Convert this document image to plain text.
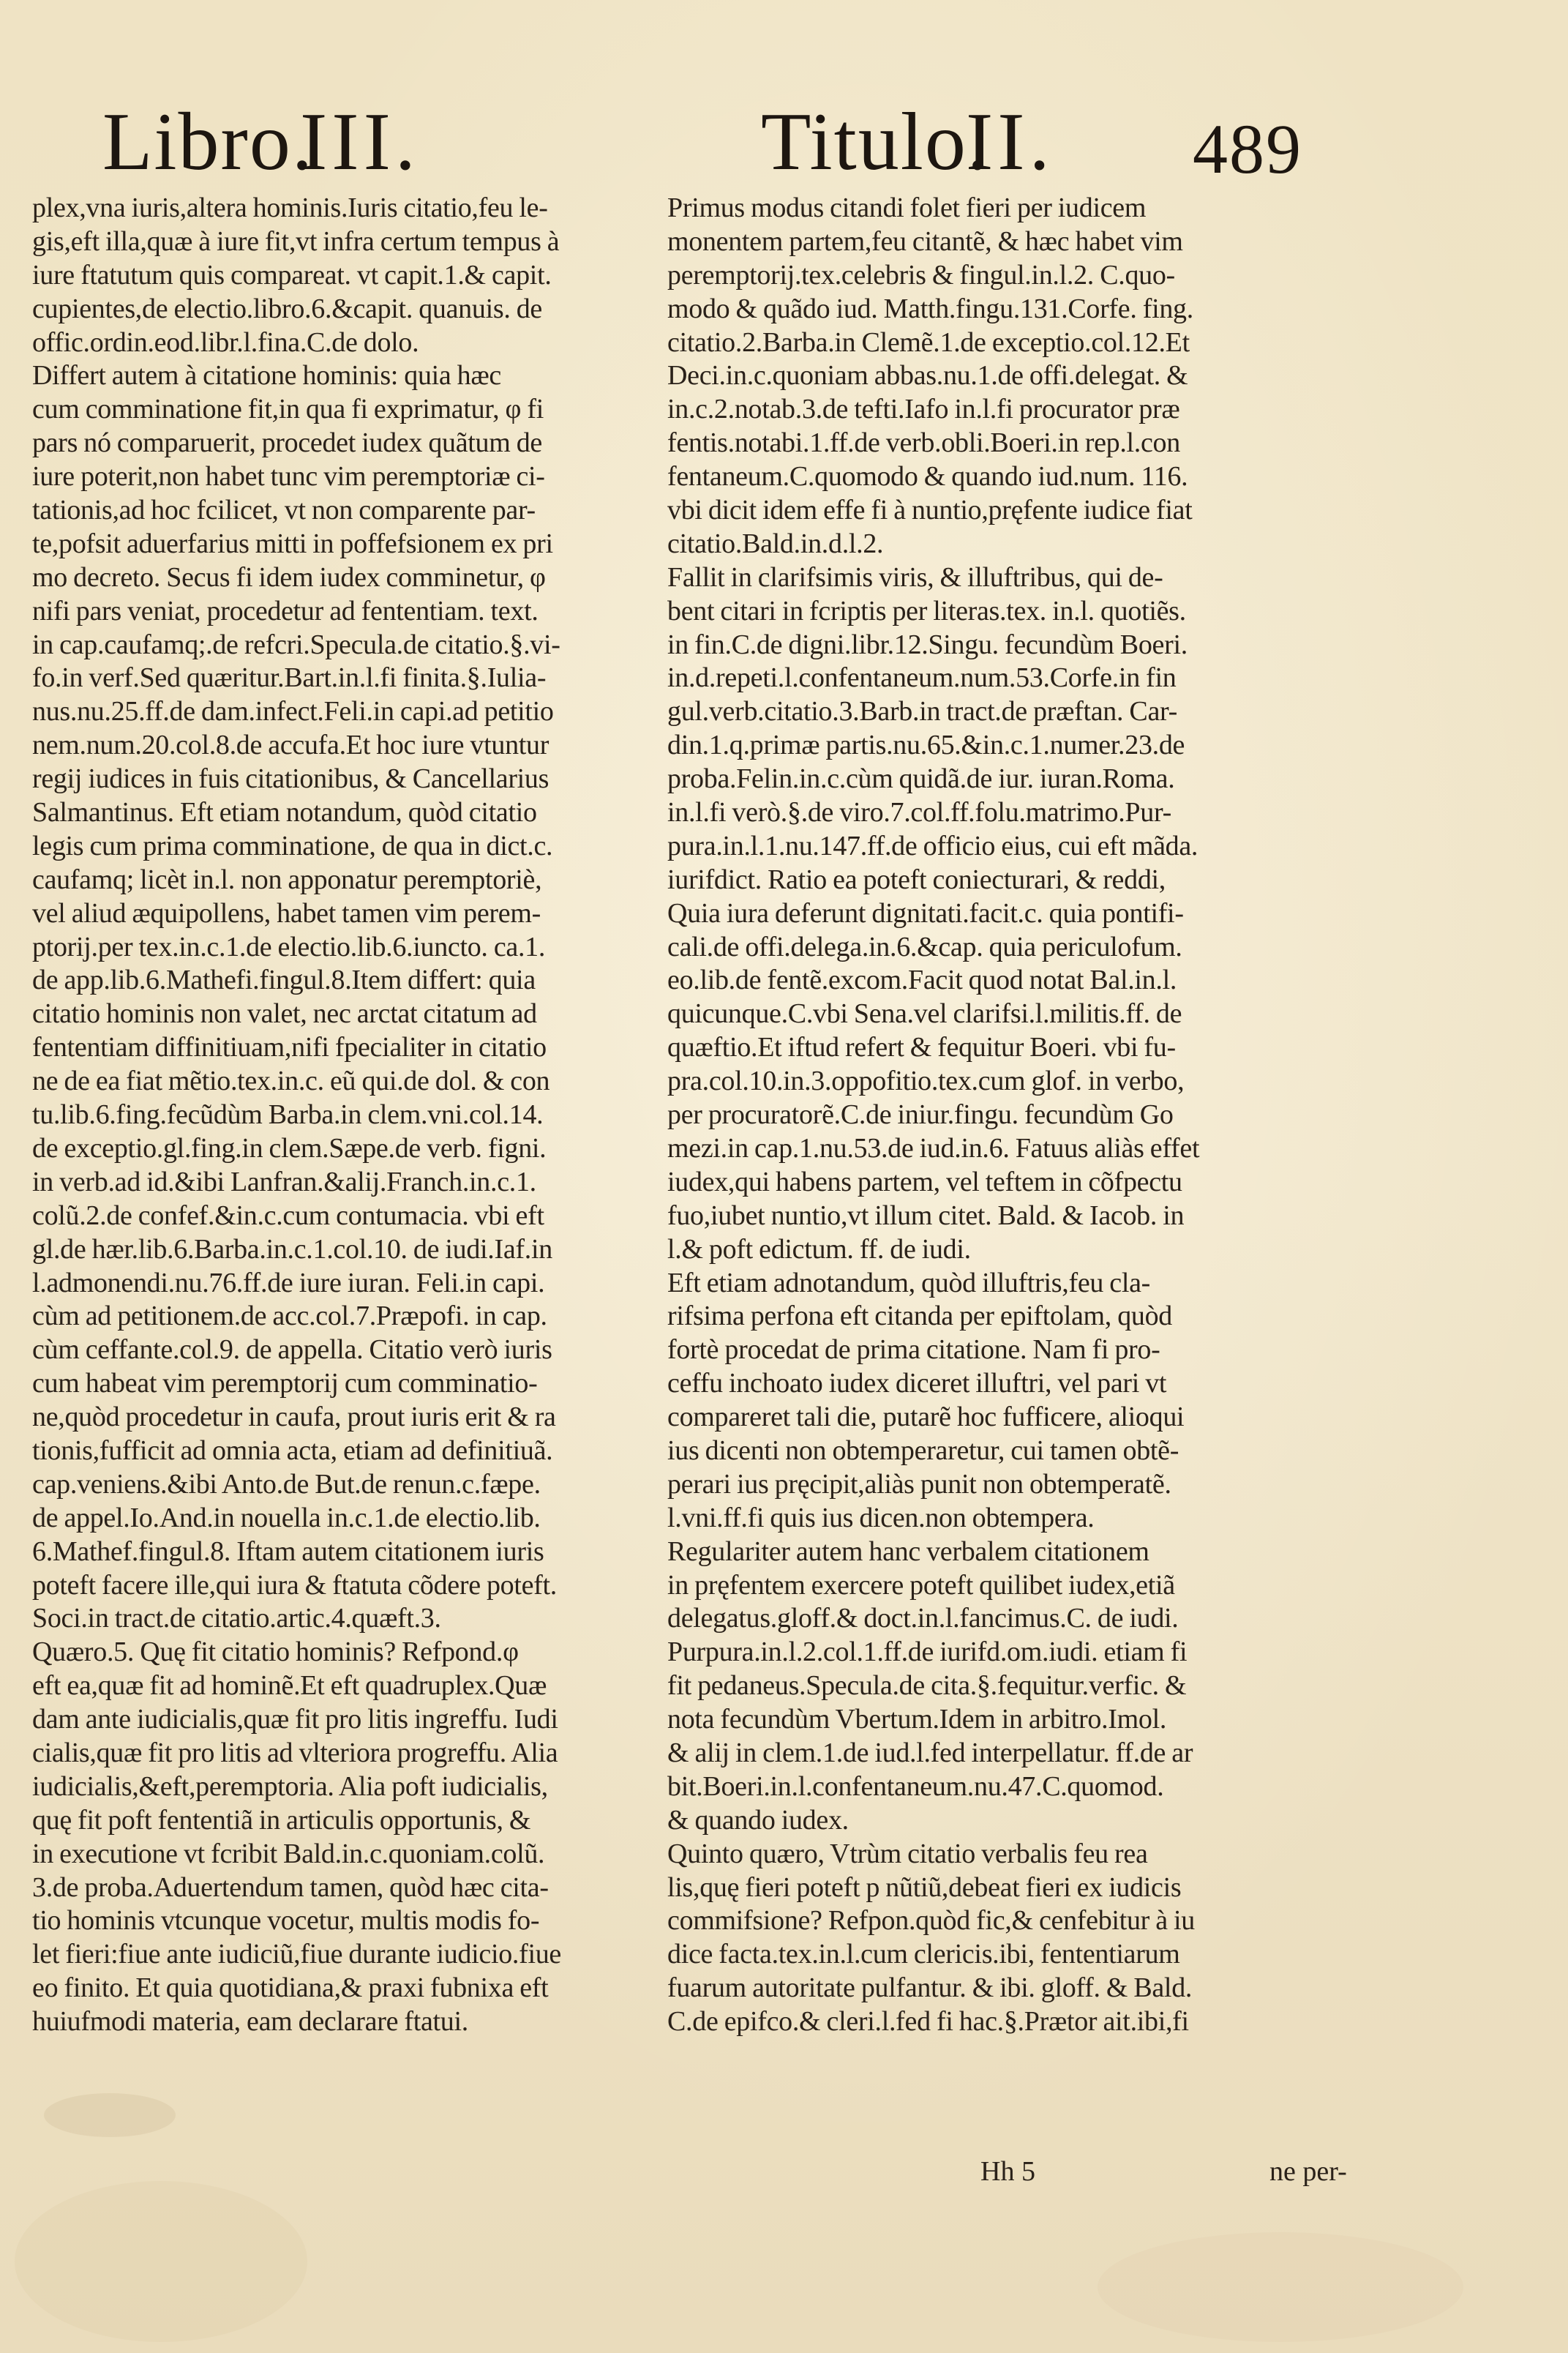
Libro.
III.	Titulo.
II. 489
plex,vna iuris,altera hominis.Iuris citatio,feu le-
gis,eft illa,quæ à iure fit,vt infra certum tempus à
iure ftatutum quis compareat. vt capit.1.& capit.
cupientes,de electio.libro.6.&capit. quanuis. de
offic.ordin.eod.libr.l.fina.C.de dolo.
Differt autem à citatione hominis: quia hæc
cum comminatione fit,in qua fi exprimatur, φ fi
pars nó comparuerit, procedet iudex quãtum de
iure poterit,non habet tunc vim peremptoriæ ci-
tationis,ad hoc fcilicet, vt non comparente par-
te,pofsit aduerfarius mitti in poffefsionem ex pri
mo decreto. Secus fi idem iudex comminetur, φ
nifi pars veniat, procedetur ad fententiam. text.
in cap.caufamq;.de refcri.Specula.de citatio.§.vi-
fo.in verf.Sed quæritur.Bart.in.l.fi finita.§.Iulia-
nus.nu.25.ff.de dam.infect.Feli.in capi.ad petitio
nem.num.20.col.8.de accufa.Et hoc iure vtuntur
regij iudices in fuis citationibus, & Cancellarius
Salmantinus. Eft etiam notandum, quòd citatio
legis cum prima comminatione, de qua in dict.c.
caufamq; licèt in.l. non apponatur peremptoriè,
vel aliud æquipollens, habet tamen vim perem-
ptorij.per tex.in.c.1.de electio.lib.6.iuncto. ca.1.
de app.lib.6.Mathefi.fingul.8.Item differt: quia
citatio hominis non valet, nec arctat citatum ad
fententiam diffinitiuam,nifi fpecialiter in citatio
ne de ea fiat mẽtio.tex.in.c. eũ qui.de dol. & con
tu.lib.6.fing.fecũdùm Barba.in clem.vni.col.14.
de exceptio.gl.fing.in clem.Sæpe.de verb. figni.
in verb.ad id.&ibi Lanfran.&alij.Franch.in.c.1.
colũ.2.de confef.&in.c.cum contumacia. vbi eft
gl.de hær.lib.6.Barba.in.c.1.col.10. de iudi.Iaf.in
l.admonendi.nu.76.ff.de iure iuran. Feli.in capi.
cùm ad petitionem.de acc.col.7.Præpofi. in cap.
cùm ceffante.col.9. de appella. Citatio verò iuris
cum habeat vim peremptorij cum comminatio-
ne,quòd procedetur in caufa, prout iuris erit & ra
tionis,fufficit ad omnia acta, etiam ad definitiuã.
cap.veniens.&ibi Anto.de But.de renun.c.fæpe.
de appel.Io.And.in nouella in.c.1.de electio.lib.
6.Mathef.fingul.8. Iftam autem citationem iuris
poteft facere ille,qui iura & ftatuta cõdere poteft.
Soci.in tract.de citatio.artic.4.quæft.3.
Quæro.5. Quę fit citatio hominis? Refpond.φ
eft ea,quæ fit ad hominẽ.Et eft quadruplex.Quæ
dam ante iudicialis,quæ fit pro litis ingreffu. Iudi
cialis,quæ fit pro litis ad vlteriora progreffu. Alia
iudicialis,&eft,peremptoria. Alia poft iudicialis,
quę fit poft fententiã in articulis opportunis, &
in executione vt fcribit Bald.in.c.quoniam.colũ.
3.de proba.Aduertendum tamen, quòd hæc cita-
tio hominis vtcunque vocetur, multis modis fo-
let fieri:fiue ante iudiciũ,fiue durante iudicio.fiue
eo finito. Et quia quotidiana,& praxi fubnixa eft
huiufmodi materia, eam declarare ftatui.
Primus modus citandi folet fieri per iudicem
monentem partem,feu citantẽ, & hæc habet vim
peremptorij.tex.celebris & fingul.in.l.2. C.quo-
modo & quãdo iud. Matth.fingu.131.Corfe. fing.
citatio.2.Barba.in Clemẽ.1.de exceptio.col.12.Et
Deci.in.c.quoniam abbas.nu.1.de offi.delegat. &
in.c.2.notab.3.de tefti.Iafo in.l.fi procurator præ
fentis.notabi.1.ff.de verb.obli.Boeri.in rep.l.con
fentaneum.C.quomodo & quando iud.num. 116.
vbi dicit idem effe fi à nuntio,pręfente iudice fiat
citatio.Bald.in.d.l.2.
Fallit in clarifsimis viris, & illuftribus, qui de-
bent citari in fcriptis per literas.tex. in.l. quotiẽs.
in fin.C.de digni.libr.12.Singu. fecundùm Boeri.
in.d.repeti.l.confentaneum.num.53.Corfe.in fin
gul.verb.citatio.3.Barb.in tract.de præftan. Car-
din.1.q.primæ partis.nu.65.&in.c.1.numer.23.de
proba.Felin.in.c.cùm quidã.de iur. iuran.Roma.
in.l.fi verò.§.de viro.7.col.ff.folu.matrimo.Pur-
pura.in.l.1.nu.147.ff.de officio eius, cui eft mãda.
iurifdict. Ratio ea poteft coniecturari, & reddi,
Quia iura deferunt dignitati.facit.c. quia pontifi-
cali.de offi.delega.in.6.&cap. quia periculofum.
eo.lib.de fentẽ.excom.Facit quod notat Bal.in.l.
quicunque.C.vbi Sena.vel clarifsi.l.militis.ff. de
quæftio.Et iftud refert & fequitur Boeri. vbi fu-
pra.col.10.in.3.oppofitio.tex.cum glof. in verbo,
per procuratorẽ.C.de iniur.fingu. fecundùm Go
mezi.in cap.1.nu.53.de iud.in.6. Fatuus aliàs effet
iudex,qui habens partem, vel teftem in cõfpectu
fuo,iubet nuntio,vt illum citet. Bald. & Iacob. in
l.& poft edictum. ff. de iudi.
Eft etiam adnotandum, quòd illuftris,feu cla-
rifsima perfona eft citanda per epiftolam, quòd
fortè procedat de prima citatione. Nam fi pro-
ceffu inchoato iudex diceret illuftri, vel pari vt
compareret tali die, putarẽ hoc fufficere, alioqui
ius dicenti non obtemperaretur, cui tamen obtẽ-
perari ius pręcipit,aliàs punit non obtemperatẽ.
l.vni.ff.fi quis ius dicen.non obtempera.
Regulariter autem hanc verbalem citationem
in pręfentem exercere poteft quilibet iudex,etiã
delegatus.gloff.& doct.in.l.fancimus.C. de iudi.
Purpura.in.l.2.col.1.ff.de iurifd.om.iudi. etiam fi
fit pedaneus.Specula.de cita.§.fequitur.verfic. &
nota fecundùm Vbertum.Idem in arbitro.Imol.
& alij in clem.1.de iud.l.fed interpellatur. ff.de ar
bit.Boeri.in.l.confentaneum.nu.47.C.quomod.
& quando iudex.
Quinto quæro, Vtrùm citatio verbalis feu rea
lis,quę fieri poteft p nũtiũ,debeat fieri ex iudicis
commifsione? Refpon.quòd fic,& cenfebitur à iu
dice facta.tex.in.l.cum clericis.ibi, fententiarum
fuarum autoritate pulfantur. & ibi. gloff. & Bald.
C.de epifco.& cleri.l.fed fi hac.§.Prætor ait.ibi,fi
Hh 5	ne per-
